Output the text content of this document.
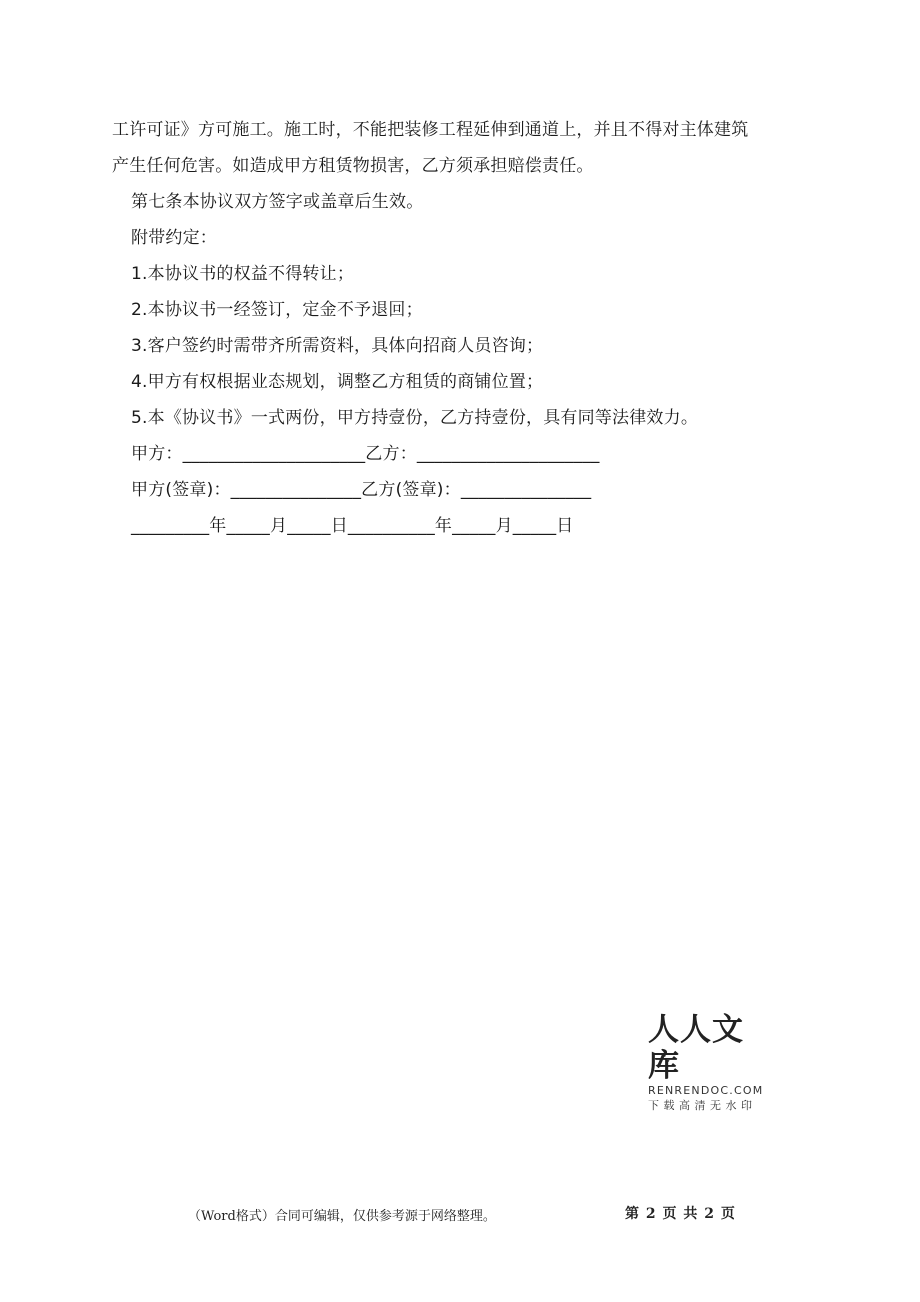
工许可证》方可施工。施工时，不能把装修工程延伸到通道上，并且不得对主体建筑
产生任何危害。如造成甲方租赁物损害，乙方须承担赔偿责任。
第七条本协议双方签字或盖章后生效。
附带约定：
1.本协议书的权益不得转让；
2.本协议书一经签订，定金不予退回；
3.客户签约时需带齐所需资料，具体向招商人员咨询；
4.甲方有权根据业态规划，调整乙方租赁的商铺位置；
5.本《协议书》一式两份，甲方持壹份，乙方持壹份，具有同等法律效力。
甲方：_____________________乙方：_____________________
甲方(签章)：_______________乙方(签章)：_______________
_________年_____月_____日__________年_____月_____日
人人文库
RENRENDOC.COM
下载高清无水印
（Word格式）合同可编辑，仅供参考源于网络整理。	第 2 页 共 2 页
